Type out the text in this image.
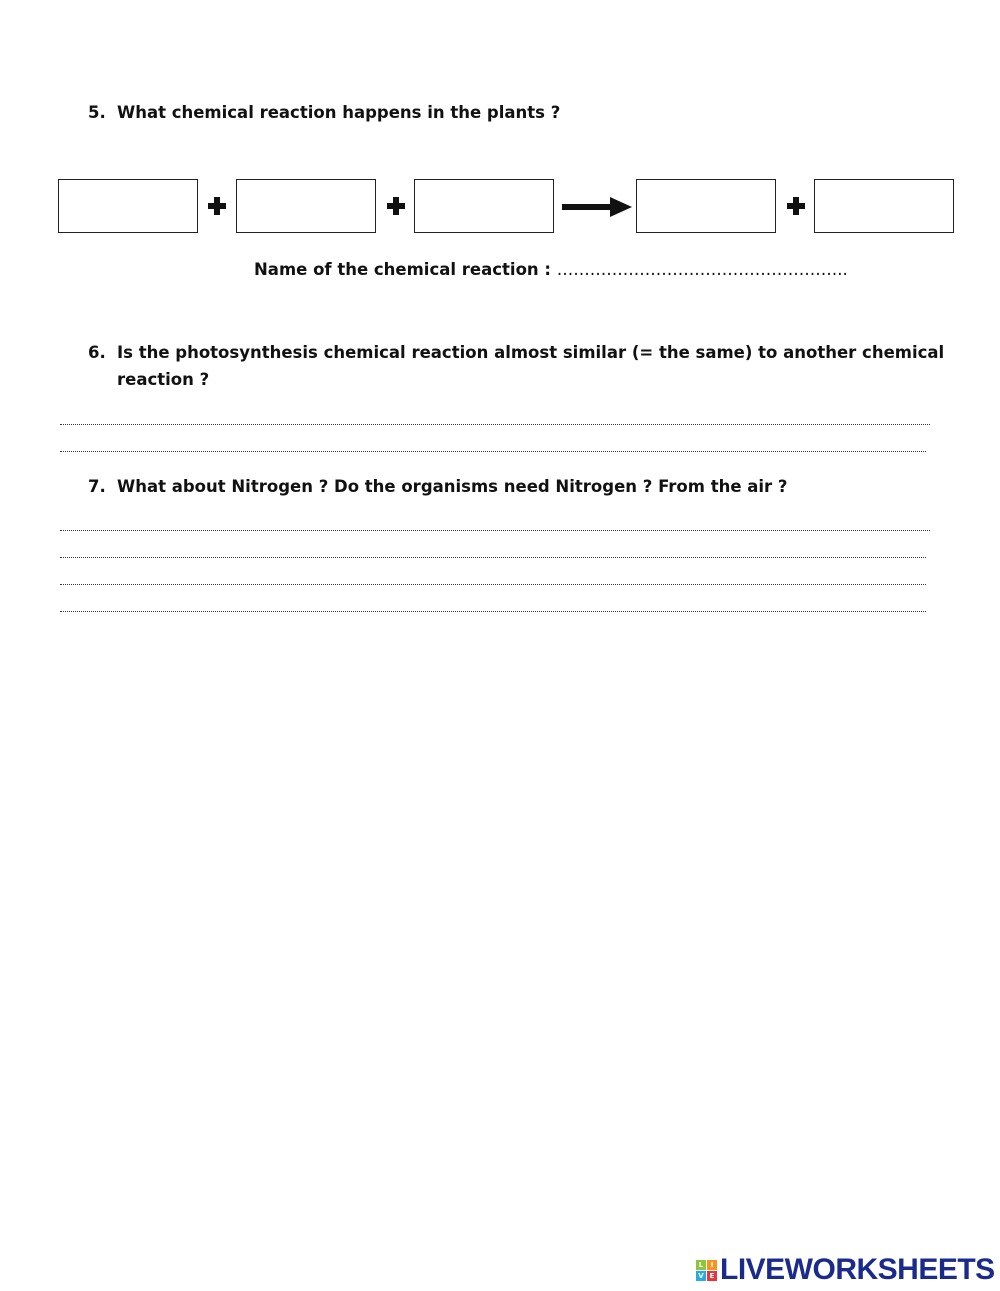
5. What chemical reaction happens in the plants ?
Name of the chemical reaction : ……………………………………………..
6. Is the photosynthesis chemical reaction almost similar (= the same) to another chemical
reaction ?
7. What about Nitrogen ? Do the organisms need Nitrogen ? From the air ?
L	I
V E LIVEWORKSHEETS
